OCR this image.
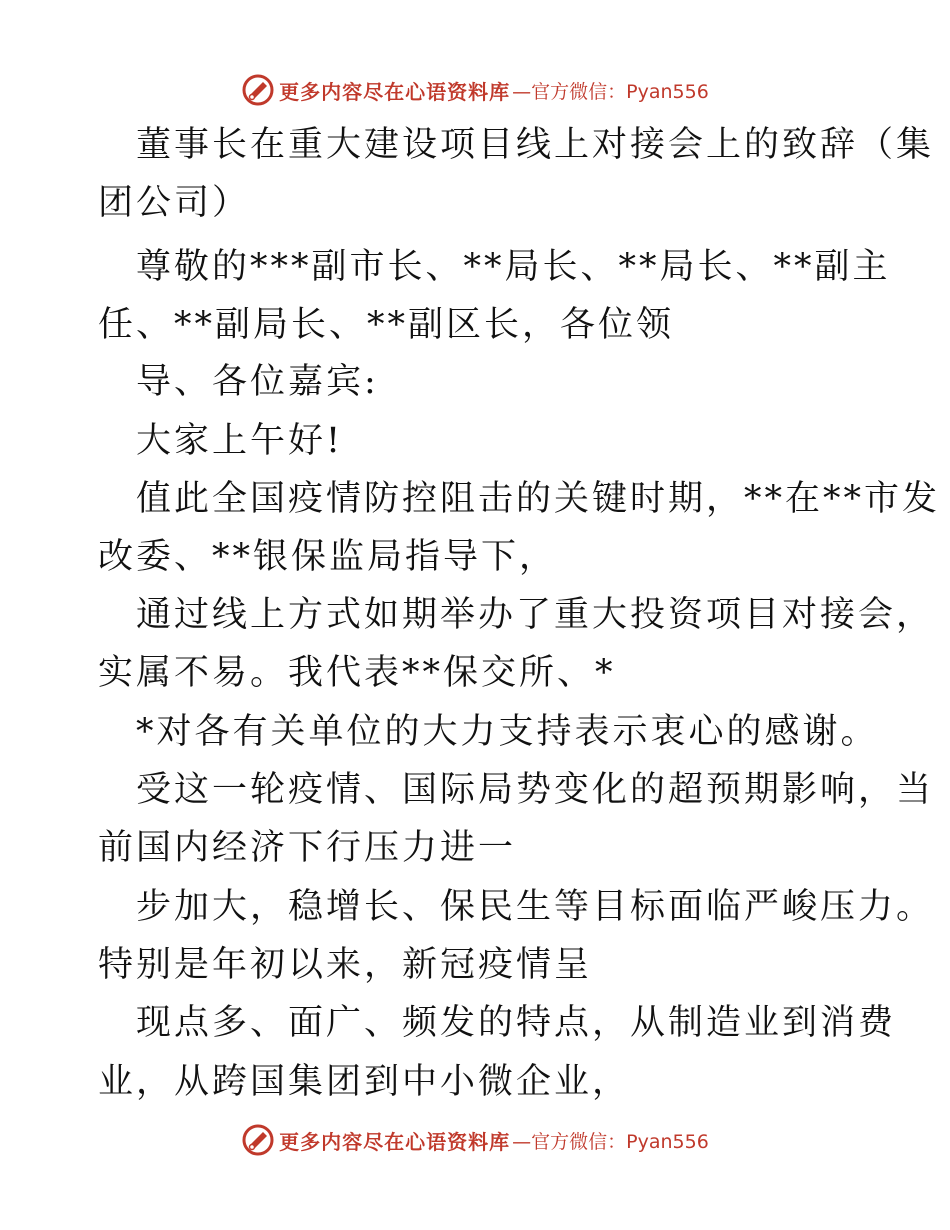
更多内容尽在心语资料库 —官方微信：Pyan556
董事长在重大建设项目线上对接会上的致辞（集
团公司）
尊敬的***副市长、**局长、**局长、**副主
任、**副局长、**副区长，各位领
导、各位嘉宾:
大家上午好!
值此全国疫情防控阻击的关键时期，**在**市发
改委、**银保监局指导下，
通过线上方式如期举办了重大投资项目对接会，
实属不易。我代表**保交所、*
*对各有关单位的大力支持表示衷心的感谢。
受这一轮疫情、国际局势变化的超预期影响，当
前国内经济下行压力进一
步加大，稳增长、保民生等目标面临严峻压力。
特别是年初以来，新冠疫情呈
现点多、面广、频发的特点，从制造业到消费
业，从跨国集团到中小微企业，
更多内容尽在心语资料库 —官方微信：Pyan556
